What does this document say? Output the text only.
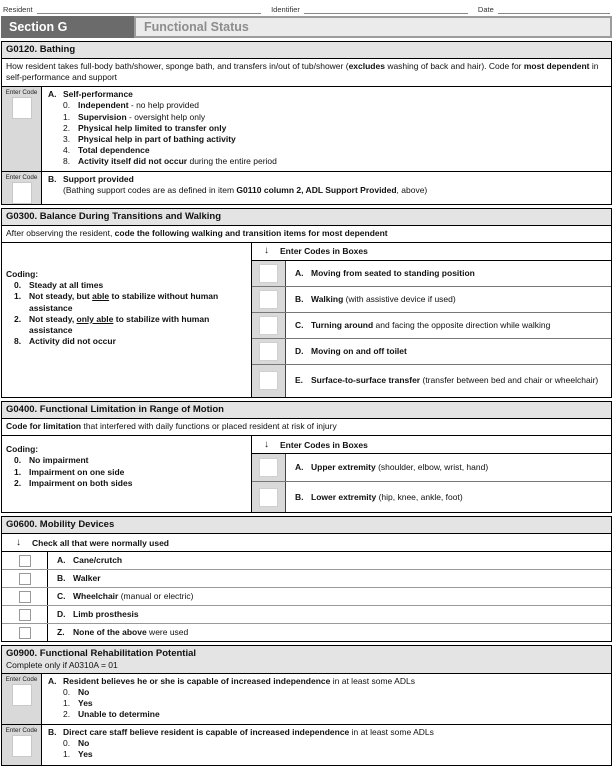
Resident	Identifier	Date
Section G	Functional Status
G0120. Bathing
How resident takes full-body bath/shower, sponge bath, and transfers in/out of tub/shower (excludes washing of back and hair). Code for most dependent in self-performance and support
Enter Code A. Self-performance
0. Independent - no help provided
1. Supervision - oversight help only
2. Physical help limited to transfer only
3. Physical help in part of bathing activity
4. Total dependence
8. Activity itself did not occur during the entire period
Enter Code B. Support provided
(Bathing support codes are as defined in item G0110 column 2, ADL Support Provided, above)
G0300. Balance During Transitions and Walking
After observing the resident, code the following walking and transition items for most dependent
Coding:
0. Steady at all times
1. Not steady, but able to stabilize without human assistance
2. Not steady, only able to stabilize with human assistance
8. Activity did not occur
↓ Enter Codes in Boxes
A. Moving from seated to standing position
B. Walking (with assistive device if used)
C. Turning around and facing the opposite direction while walking
D. Moving on and off toilet
E. Surface-to-surface transfer (transfer between bed and chair or wheelchair)
G0400. Functional Limitation in Range of Motion
Code for limitation that interfered with daily functions or placed resident at risk of injury
Coding:
0. No impairment
1. Impairment on one side
2. Impairment on both sides
↓ Enter Codes in Boxes
A. Upper extremity (shoulder, elbow, wrist, hand)
B. Lower extremity (hip, knee, ankle, foot)
G0600. Mobility Devices
↓ Check all that were normally used
A. Cane/crutch
B. Walker
C. Wheelchair (manual or electric)
D. Limb prosthesis
Z. None of the above were used
G0900. Functional Rehabilitation Potential
Complete only if A0310A = 01
Enter Code A. Resident believes he or she is capable of increased independence in at least some ADLs
0. No
1. Yes
2. Unable to determine
Enter Code B. Direct care staff believe resident is capable of increased independence in at least some ADLs
0. No
1. Yes
